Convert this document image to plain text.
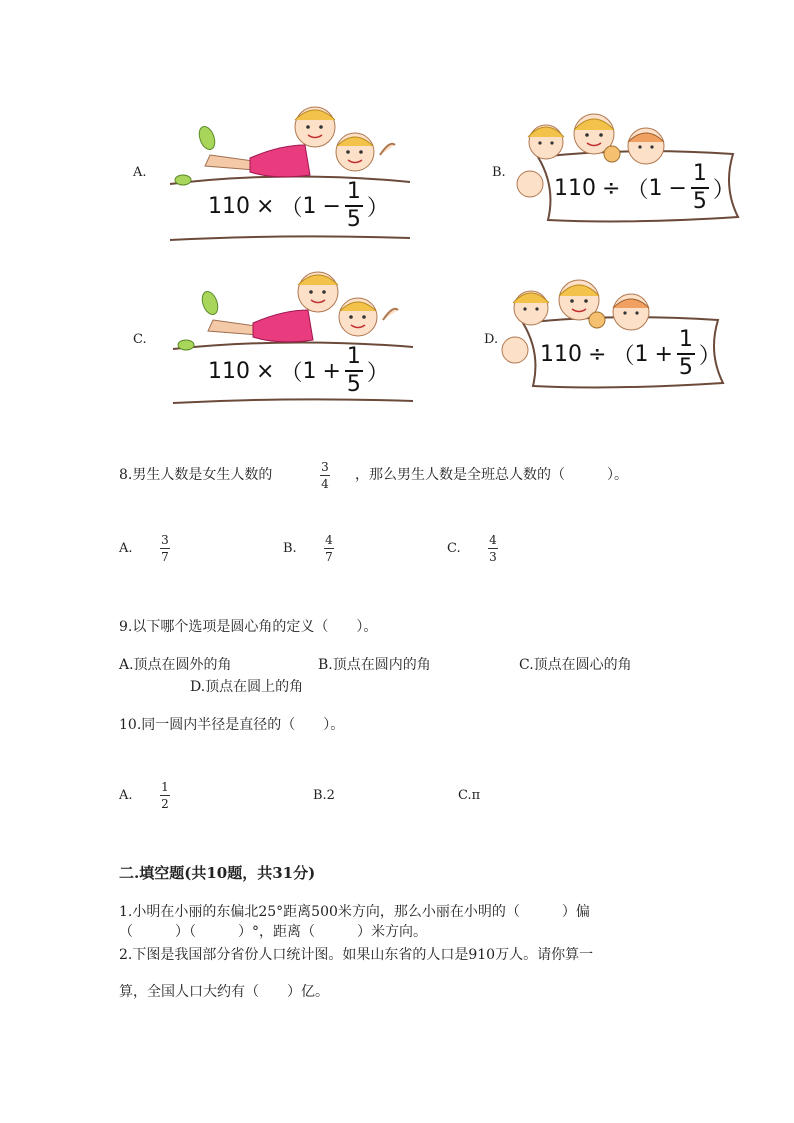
A.
110 × （ 1 −
1
5 ）
B.
110 ÷ （ 1 −
1
5 ）
C.
110 × （ 1 +
1
5 ）
D.
110 ÷ （ 1 +
1
5 ）
8.男生人数是女生人数的	3
4
，那么男生人数是全班总人数的（　　　）。
A.
3
7
B.
4
7
C.
4
3
9.以下哪个选项是圆心角的定义（　　）。
A.顶点在圆外的角	B.顶点在圆内的角	C.顶点在圆心的角
D.顶点在圆上的角
10.同一圆内半径是直径的（　　）。
A.
1
2
B.2	C.π
二.填空题(共10题，共31分)
1.小明在小丽的东偏北25°距离500米方向，那么小丽在小明的（　　　）偏
（　　　）（　　　）°，距离（　　　）米方向。
2.下图是我国部分省份人口统计图。如果山东省的人口是910万人。请你算一
算，全国人口大约有（　　）亿。
